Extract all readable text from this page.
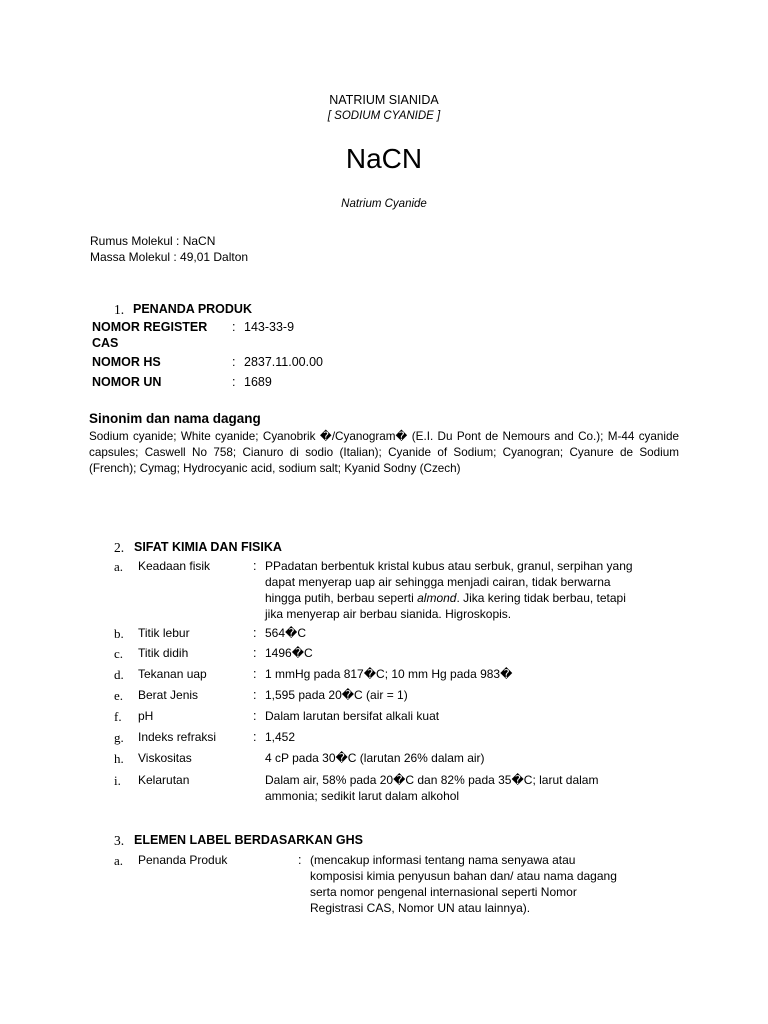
NATRIUM SIANIDA
[ SODIUM CYANIDE ]
NaCN
Natrium Cyanide
Rumus Molekul : NaCN
Massa Molekul : 49,01 Dalton
1. PENANDA PRODUK
NOMOR REGISTER
CAS
: 143-33-9
NOMOR HS	: 2837.11.00.00
NOMOR UN	: 1689
Sinonim dan nama dagang
Sodium cyanide; White cyanide; Cyanobrik �/Cyanogram� (E.I. Du Pont de Nemours and Co.); M-44 cyanide capsules; Caswell No 758; Cianuro di sodio (Italian); Cyanide of Sodium; Cyanogran; Cyanure de Sodium (French); Cymag; Hydrocyanic acid, sodium salt; Kyanid Sodny (Czech)
2. SIFAT KIMIA DAN FISIKA
a. Keadaan fisik	: PPadatan berbentuk kristal kubus atau serbuk, granul, serpihan yang
dapat menyerap uap air sehingga menjadi cairan, tidak berwarna
hingga putih, berbau seperti almond. Jika kering tidak berbau, tetapi
jika menyerap air berbau sianida. Higroskopis.
b. Titik lebur	: 564�C
c. Titik didih	: 1496�C
d. Tekanan uap	: 1 mmHg pada 817�C; 10 mm Hg pada 983�
e. Berat Jenis	: 1,595 pada 20�C (air = 1)
f. pH	: Dalam larutan bersifat alkali kuat
g. Indeks refraksi	: 1,452
h. Viskositas	4 cP pada 30�C (larutan 26% dalam air)
i. Kelarutan	Dalam air, 58% pada 20�C dan 82% pada 35�C; larut dalam
ammonia; sedikit larut dalam alkohol
3. ELEMEN LABEL BERDASARKAN GHS
a. Penanda Produk	: (mencakup informasi tentang nama senyawa atau
komposisi kimia penyusun bahan dan/ atau nama dagang
serta nomor pengenal internasional seperti Nomor
Registrasi CAS, Nomor UN atau lainnya).
